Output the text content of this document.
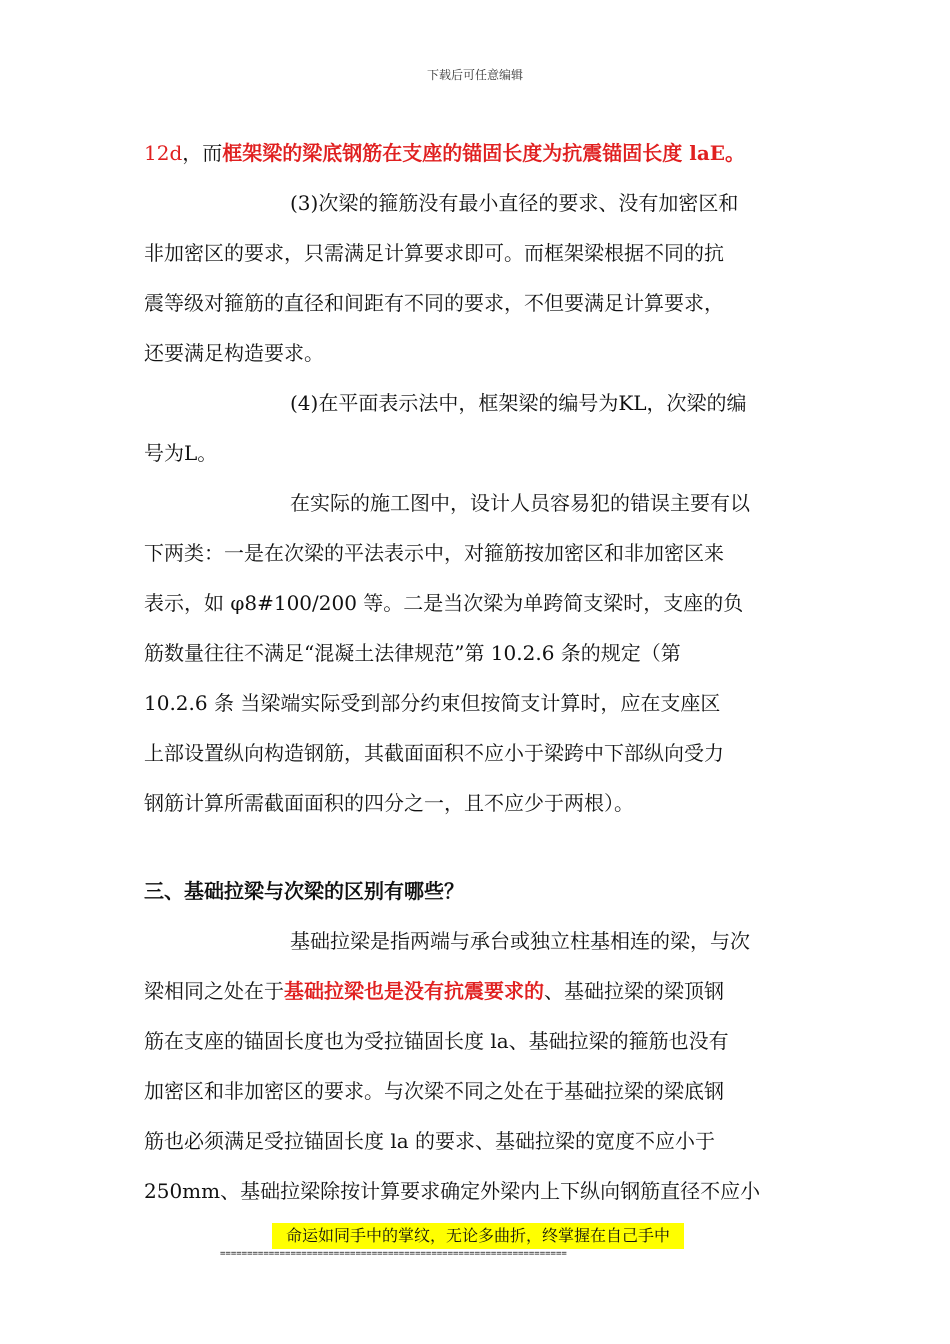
下载后可任意编辑
12d，而框架梁的梁底钢筋在支座的锚固长度为抗震锚固长度 laE。
(3)次梁的箍筋没有最小直径的要求、没有加密区和
非加密区的要求，只需满足计算要求即可。而框架梁根据不同的抗
震等级对箍筋的直径和间距有不同的要求，不但要满足计算要求，
还要满足构造要求。
(4)在平面表示法中，框架梁的编号为KL，次梁的编
号为L。
在实际的施工图中，设计人员容易犯的错误主要有以
下两类：一是在次梁的平法表示中，对箍筋按加密区和非加密区来
表示，如 φ8#100/200 等。二是当次梁为单跨简支梁时，支座的负
筋数量往往不满足“混凝土法律规范”第 10.2.6 条的规定（第
10.2.6 条 当梁端实际受到部分约束但按简支计算时，应在支座区
上部设置纵向构造钢筋，其截面面积不应小于梁跨中下部纵向受力
钢筋计算所需截面面积的四分之一，且不应少于两根）。
三、基础拉梁与次梁的区别有哪些？
基础拉梁是指两端与承台或独立柱基相连的梁，与次
梁相同之处在于基础拉梁也是没有抗震要求的、基础拉梁的梁顶钢
筋在支座的锚固长度也为受拉锚固长度 la、基础拉梁的箍筋也没有
加密区和非加密区的要求。与次梁不同之处在于基础拉梁的梁底钢
筋也必须满足受拉锚固长度 la 的要求、基础拉梁的宽度不应小于
250mm、基础拉梁除按计算要求确定外梁内上下纵向钢筋直径不应小
命运如同手中的掌纹，无论多曲折，终掌握在自己手中
================================================================
